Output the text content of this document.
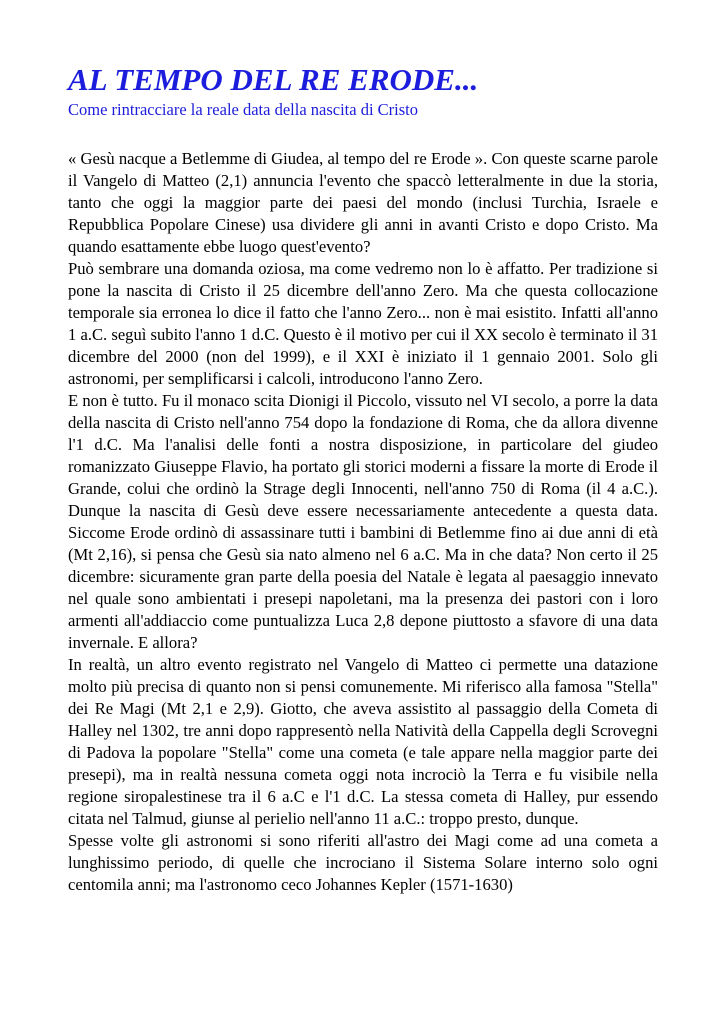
AL TEMPO DEL RE ERODE...
Come rintracciare la reale data della nascita di Cristo

« Gesù nacque a Betlemme di Giudea, al tempo del re Erode ». Con queste scarne parole il Vangelo di Matteo (2,1) annuncia l'evento che spaccò letteralmente in due la storia, tanto che oggi la maggior parte dei paesi del mondo (inclusi Turchia, Israele e Repubblica Popolare Cinese) usa dividere gli anni in avanti Cristo e dopo Cristo. Ma quando esattamente ebbe luogo quest'evento?

Può sembrare una domanda oziosa, ma come vedremo non lo è affatto. Per tradizione si pone la nascita di Cristo il 25 dicembre dell'anno Zero. Ma che questa collocazione temporale sia erronea lo dice il fatto che l'anno Zero... non è mai esistito. Infatti all'anno 1 a.C. seguì subito l'anno 1 d.C. Questo è il motivo per cui il XX secolo è terminato il 31 dicembre del 2000 (non del 1999), e il XXI è iniziato il 1 gennaio 2001. Solo gli astronomi, per semplificarsi i calcoli, introducono l'anno Zero.

E non è tutto. Fu il monaco scita Dionigi il Piccolo, vissuto nel VI secolo, a porre la data della nascita di Cristo nell'anno 754 dopo la fondazione di Roma, che da allora divenne l'1 d.C. Ma l'analisi delle fonti a nostra disposizione, in particolare del giudeo romanizzato Giuseppe Flavio, ha portato gli storici moderni a fissare la morte di Erode il Grande, colui che ordinò la Strage degli Innocenti, nell'anno 750 di Roma (il 4 a.C.). Dunque la nascita di Gesù deve essere necessariamente antecedente a questa data. Siccome Erode ordinò di assassinare tutti i bambini di Betlemme fino ai due anni di età (Mt 2,16), si pensa che Gesù sia nato almeno nel 6 a.C. Ma in che data? Non certo il 25 dicembre: sicuramente gran parte della poesia del Natale è legata al paesaggio innevato nel quale sono ambientati i presepi napoletani, ma la presenza dei pastori con i loro armenti all'addiaccio come puntualizza Luca 2,8 depone piuttosto a sfavore di una data invernale. E allora?

In realtà, un altro evento registrato nel Vangelo di Matteo ci permette una datazione molto più precisa di quanto non si pensi comunemente. Mi riferisco alla famosa "Stella" dei Re Magi (Mt 2,1 e 2,9). Giotto, che aveva assistito al passaggio della Cometa di Halley nel 1302, tre anni dopo rappresentò nella Natività della Cappella degli Scrovegni di Padova la popolare "Stella" come una cometa (e tale appare nella maggior parte dei presepi), ma in realtà nessuna cometa oggi nota incrociò la Terra e fu visibile nella regione siropalestinese tra il 6 a.C e l'1 d.C. La stessa cometa di Halley, pur essendo citata nel Talmud, giunse al perielio nell'anno 11 a.C.: troppo presto, dunque.

Spesse volte gli astronomi si sono riferiti all'astro dei Magi come ad una cometa a lunghissimo periodo, di quelle che incrociano il Sistema Solare interno solo ogni centomila anni; ma l'astronomo ceco Johannes Kepler (1571-1630)
